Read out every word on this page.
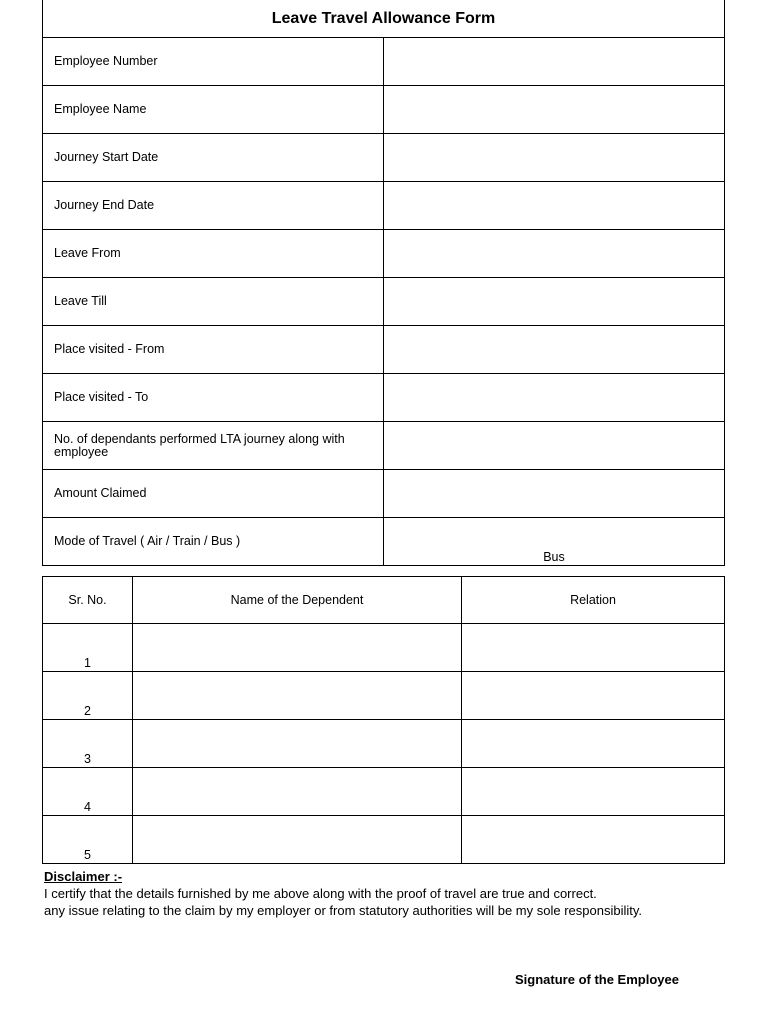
Leave Travel Allowance Form	
Employee Number	
Employee Name	
Journey Start Date	
Journey End Date	
Leave From	
Leave Till	
Place visited - From	
Place visited - To	
No. of dependants performed LTA journey along with employee	
Amount Claimed	
Mode of Travel ( Air / Train / Bus )	Bus
Sr. No.	Name of the Dependent	Relation
1		
2		
3		
4		
5		
Disclaimer :-
I certify that the details furnished by me above along with the proof of travel are true and correct.
any issue relating to the claim by my employer or from statutory authorities will be my sole responsibility.
Signature of the Employee
